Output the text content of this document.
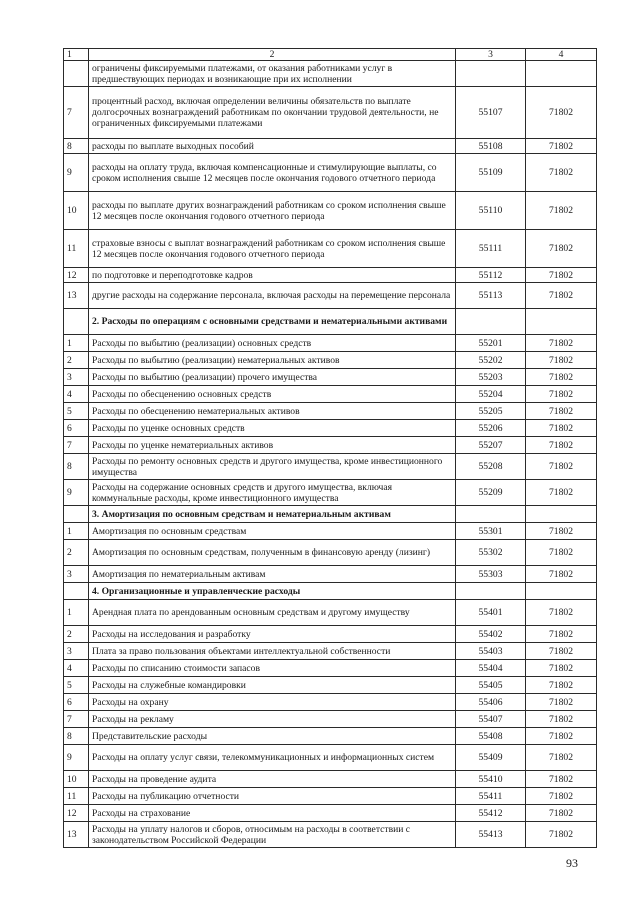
1	2	3	4
	ограничены фиксируемыми платежами, от оказания работниками услуг в предшествующих периодах и возникающие при их исполнении		
7	процентный расход, включая определении величины обязательств по выплате долгосрочных вознаграждений работникам по окончании трудовой деятельности, не ограниченных фиксируемыми платежами	55107	71802
8	расходы по выплате выходных пособий	55108	71802
9	расходы на оплату труда, включая компенсационные и стимулирующие выплаты, со сроком исполнения свыше 12 месяцев после окончания годового отчетного периода	55109	71802
10	расходы по выплате других вознаграждений работникам со сроком исполнения свыше 12 месяцев после окончания годового отчетного периода	55110	71802
11	страховые взносы с выплат вознаграждений работникам со сроком исполнения свыше 12 месяцев после окончания годового отчетного периода	55111	71802
12	по подготовке и переподготовке кадров	55112	71802
13	другие расходы на содержание персонала, включая расходы на перемещение персонала	55113	71802
	2. Расходы по операциям с основными средствами и нематериальными активами		
1	Расходы по выбытию (реализации) основных средств	55201	71802
2	Расходы по выбытию (реализации) нематериальных активов	55202	71802
3	Расходы по выбытию (реализации) прочего имущества	55203	71802
4	Расходы по обесценению основных средств	55204	71802
5	Расходы по обесценению нематериальных активов	55205	71802
6	Расходы по уценке основных средств	55206	71802
7	Расходы по уценке нематериальных активов	55207	71802
8	Расходы по ремонту основных средств и другого имущества, кроме инвестиционного имущества	55208	71802
9	Расходы на содержание основных средств и другого имущества, включая коммунальные расходы, кроме инвестиционного имущества	55209	71802
	3. Амортизация по основным средствам и нематериальным активам		
1	Амортизация по основным средствам	55301	71802
2	Амортизация по основным средствам, полученным в финансовую аренду (лизинг)	55302	71802
3	Амортизация по нематериальным активам	55303	71802
	4. Организационные и управленческие расходы		
1	Арендная плата по арендованным основным средствам и другому имуществу	55401	71802
2	Расходы на исследования и разработку	55402	71802
3	Плата за право пользования объектами интеллектуальной собственности	55403	71802
4	Расходы по списанию стоимости запасов	55404	71802
5	Расходы на служебные командировки	55405	71802
6	Расходы на охрану	55406	71802
7	Расходы на рекламу	55407	71802
8	Представительские расходы	55408	71802
9	Расходы на оплату услуг связи, телекоммуникационных и информационных систем	55409	71802
10	Расходы на проведение аудита	55410	71802
11	Расходы на публикацию отчетности	55411	71802
12	Расходы на страхование	55412	71802
13	Расходы на уплату налогов и сборов, относимым на расходы в соответствии с законодательством Российской Федерации	55413	71802
93
